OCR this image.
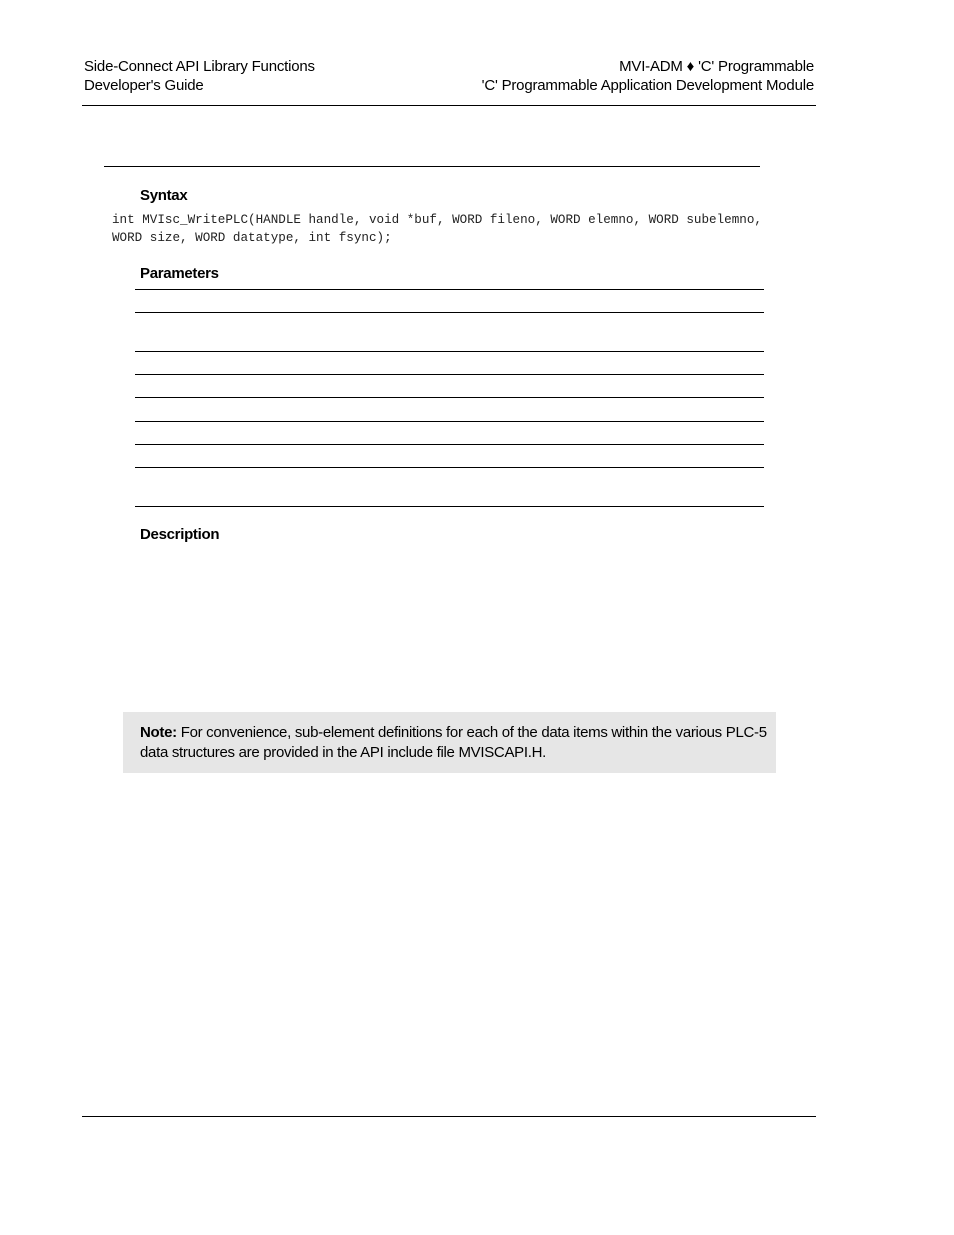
Side-Connect API Library Functions
Developer's Guide
MVI-ADM ♦ 'C' Programmable
'C' Programmable Application Development Module
Syntax
int MVIsc_WritePLC(HANDLE handle, void *buf, WORD fileno, WORD elemno, WORD subelemno, WORD size, WORD datatype, int fsync);
Parameters
Description
Note: For convenience, sub-element definitions for each of the data items within the various PLC-5 data structures are provided in the API include file MVISCAPI.H.
